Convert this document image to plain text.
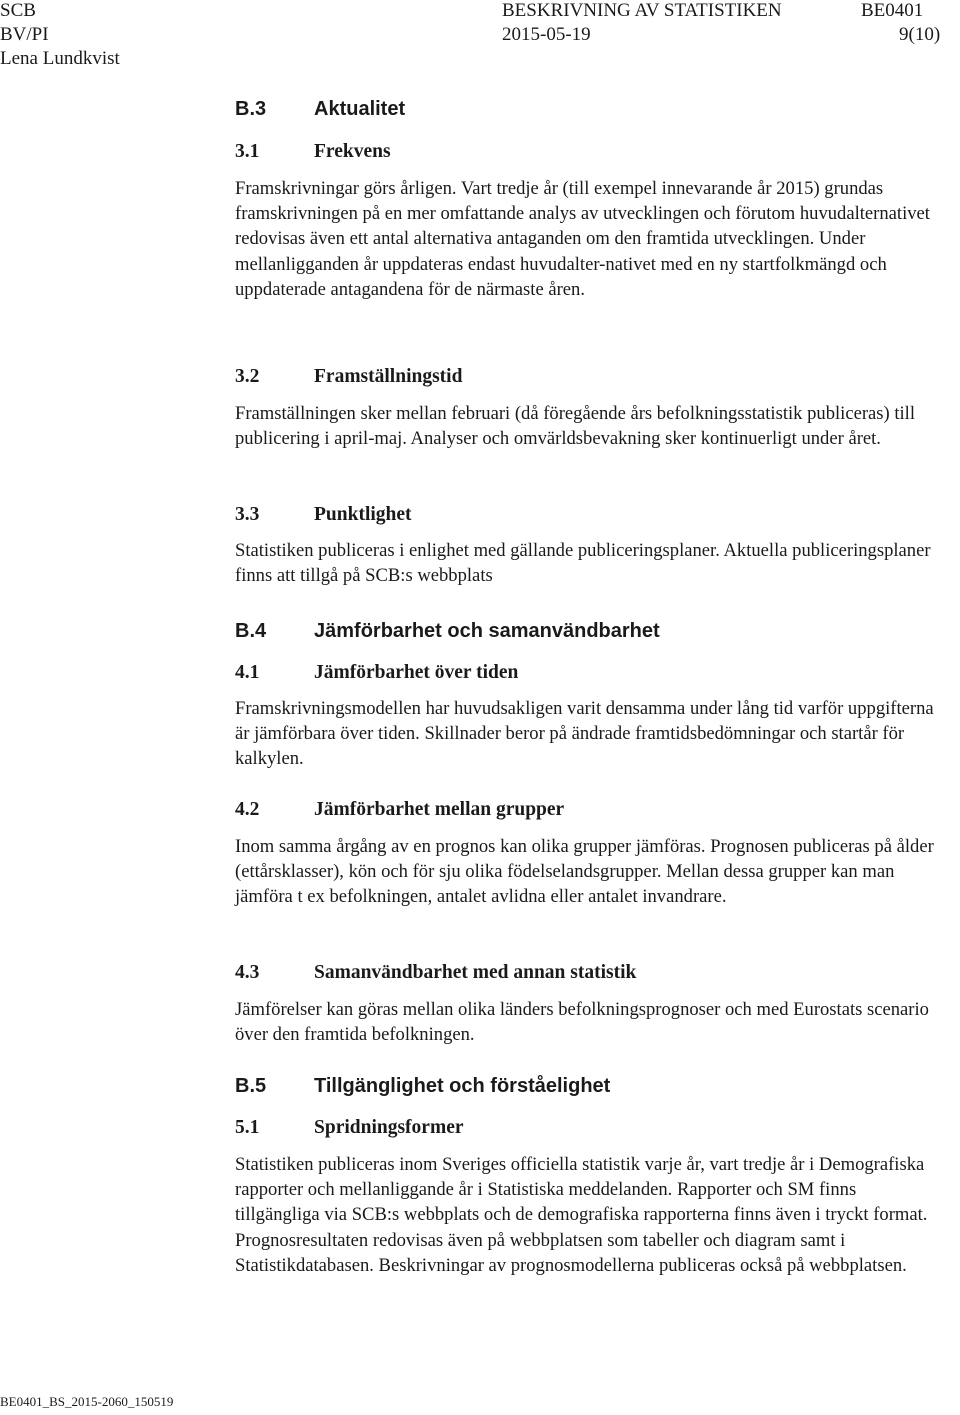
SCB	BESKRIVNING AV STATISTIKEN	BE0401
BV/PI	2015-05-19	9(10)
Lena Lundkvist
B.3 Aktualitet
3.1	Frekvens

Framskrivningar görs årligen. Vart tredje år (till exempel innevarande år 2015) grundas framskrivningen på en mer omfattande analys av utvecklingen och förutom huvudalternativet redovisas även ett antal alternativa antaganden om den framtida utvecklingen. Under mellanligganden år uppdateras endast huvudalter-nativet med en ny startfolkmängd och uppdaterade antagandena för de närmaste åren.

3.2	Framställningstid

Framställningen sker mellan februari (då föregående års befolkningsstatistik publiceras) till publicering i april-maj. Analyser och omvärldsbevakning sker kontinuerligt under året.

3.3	Punktlighet

Statistiken publiceras i enlighet med gällande publiceringsplaner. Aktuella publiceringsplaner finns att tillgå på SCB:s webbplats

B.4 Jämförbarhet och samanvändbarhet
4.1	Jämförbarhet över tiden

Framskrivningsmodellen har huvudsakligen varit densamma under lång tid varför uppgifterna är jämförbara över tiden. Skillnader beror på ändrade framtidsbedömningar och startår för kalkylen.

4.2	Jämförbarhet mellan grupper

Inom samma årgång av en prognos kan olika grupper jämföras. Prognosen publiceras på ålder (ettårsklasser), kön och för sju olika födelselandsgrupper. Mellan dessa grupper kan man jämföra t ex befolkningen, antalet avlidna eller antalet invandrare.

4.3	Samanvändbarhet med annan statistik

Jämförelser kan göras mellan olika länders befolkningsprognoser och med Eurostats scenario över den framtida befolkningen.

B.5 Tillgänglighet och förståelighet
5.1	Spridningsformer

Statistiken publiceras inom Sveriges officiella statistik varje år, vart tredje år i Demografiska rapporter och mellanliggande år i Statistiska meddelanden. Rapporter och SM finns tillgängliga via SCB:s webbplats och de demografiska rapporterna finns även i tryckt format. Prognosresultaten redovisas även på webbplatsen som tabeller och diagram samt i Statistikdatabasen. Beskrivningar av prognosmodellerna publiceras också på webbplatsen.

BE0401_BS_2015-2060_150519
